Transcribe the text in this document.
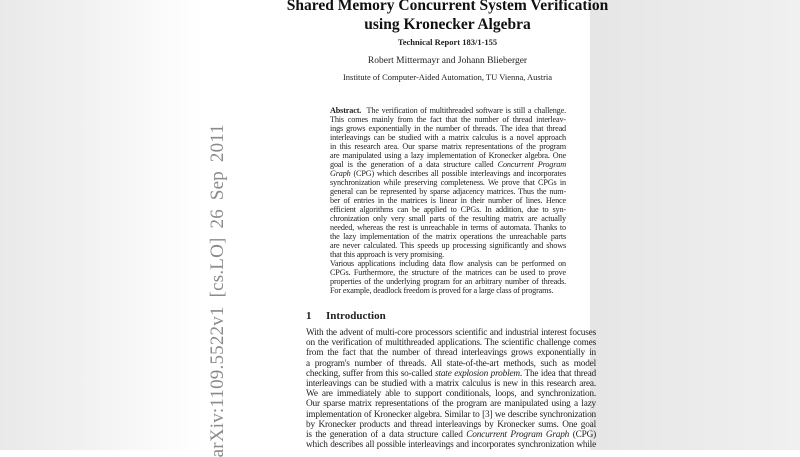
Shared Memory Concurrent System Verification
using Kronecker Algebra
Technical Report 183/1-155
Robert Mittermayr and Johann Blieberger
Institute of Computer-Aided Automation, TU Vienna, Austria
Abstract.  The verification of multithreaded software is still a challenge.
This comes mainly from the fact that the number of thread interleav-
ings grows exponentially in the number of threads. The idea that thread
interleavings can be studied with a matrix calculus is a novel approach
in this research area. Our sparse matrix representations of the program
are manipulated using a lazy implementation of Kronecker algebra. One
goal is the generation of a data structure called Concurrent Program
Graph (CPG) which describes all possible interleavings and incorporates
synchronization while preserving completeness. We prove that CPGs in
general can be represented by sparse adjacency matrices. Thus the num-
ber of entries in the matrices is linear in their number of lines. Hence
efficient algorithms can be applied to CPGs. In addition, due to syn-
chronization only very small parts of the resulting matrix are actually
needed, whereas the rest is unreachable in terms of automata. Thanks to
the lazy implementation of the matrix operations the unreachable parts
are never calculated. This speeds up processing significantly and shows
that this approach is very promising.
Various applications including data flow analysis can be performed on
CPGs. Furthermore, the structure of the matrices can be used to prove
properties of the underlying program for an arbitrary number of threads.
For example, deadlock freedom is proved for a large class of programs.
1 Introduction
With the advent of multi-core processors scientific and industrial interest focuses
on the verification of multithreaded applications. The scientific challenge comes
from the fact that the number of thread interleavings grows exponentially in
a program's number of threads. All state-of-the-art methods, such as model
checking, suffer from this so-called state explosion problem. The idea that thread
interleavings can be studied with a matrix calculus is new in this research area.
We are immediately able to support conditionals, loops, and synchronization.
Our sparse matrix representations of the program are manipulated using a lazy
implementation of Kronecker algebra. Similar to [3] we describe synchronization
by Kronecker products and thread interleavings by Kronecker sums. One goal
is the generation of a data structure called Concurrent Program Graph (CPG)
which describes all possible interleavings and incorporates synchronization while
arXiv:1109.5522v1 [cs.LO] 26 Sep 2011
